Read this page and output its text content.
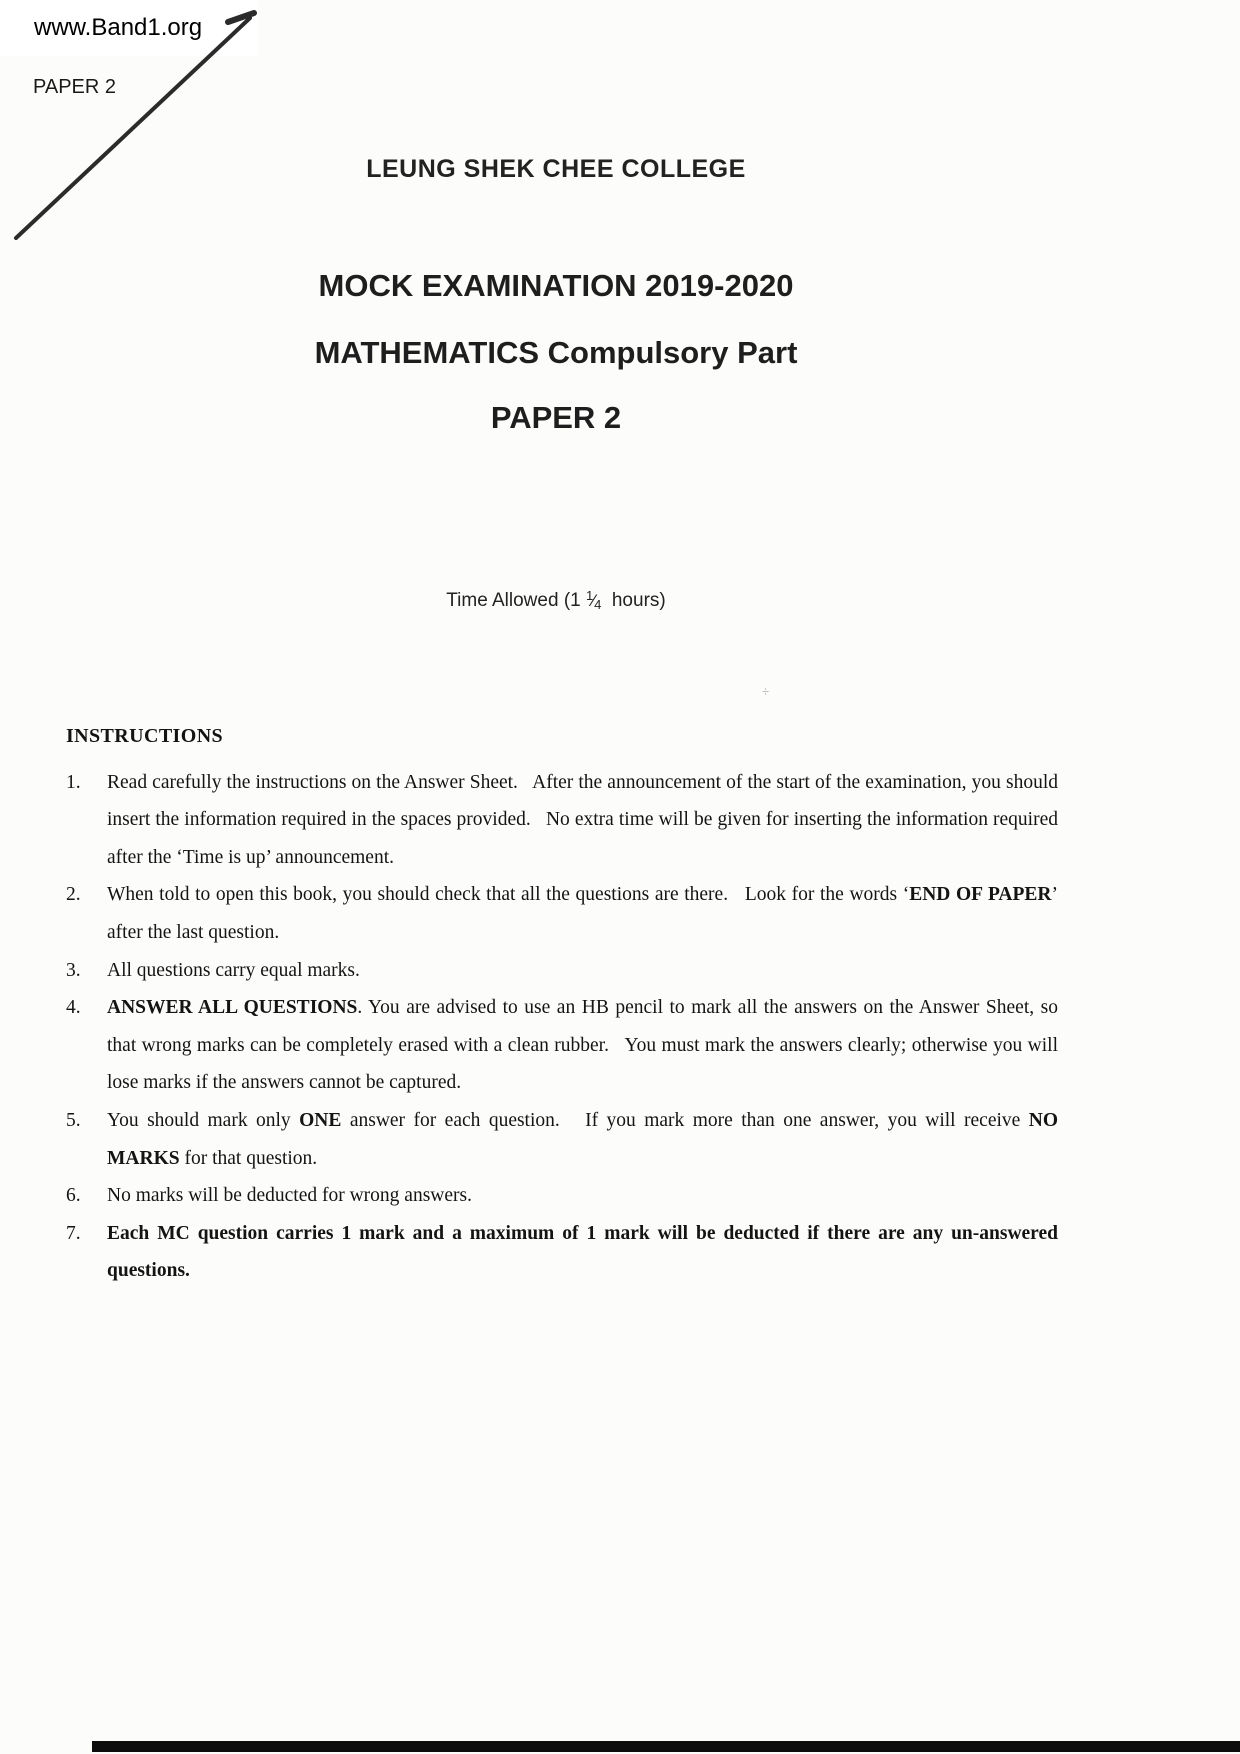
www.Band1.org
PAPER 2
LEUNG SHEK CHEE COLLEGE
MOCK EXAMINATION 2019-2020
MATHEMATICS Compulsory Part
PAPER 2
Time Allowed (1 1⁄4  hours)
÷
INSTRUCTIONS
1.	Read carefully the instructions on the Answer Sheet.   After the announcement of the start of the examination, you should insert the information required in the spaces provided.   No extra time will be given for inserting the information required after the ‘Time is up’ announcement.
2.	When told to open this book, you should check that all the questions are there.   Look for the words ‘END OF PAPER’ after the last question.
3.	All questions carry equal marks.
4.	ANSWER ALL QUESTIONS. You are advised to use an HB pencil to mark all the answers on the Answer Sheet, so that wrong marks can be completely erased with a clean rubber.   You must mark the answers clearly; otherwise you will lose marks if the answers cannot be captured.
5.	You should mark only ONE answer for each question.   If you mark more than one answer, you will receive NO MARKS for that question.
6.	No marks will be deducted for wrong answers.
7.	Each MC question carries 1 mark and a maximum of 1 mark will be deducted if there are any un-answered questions.
